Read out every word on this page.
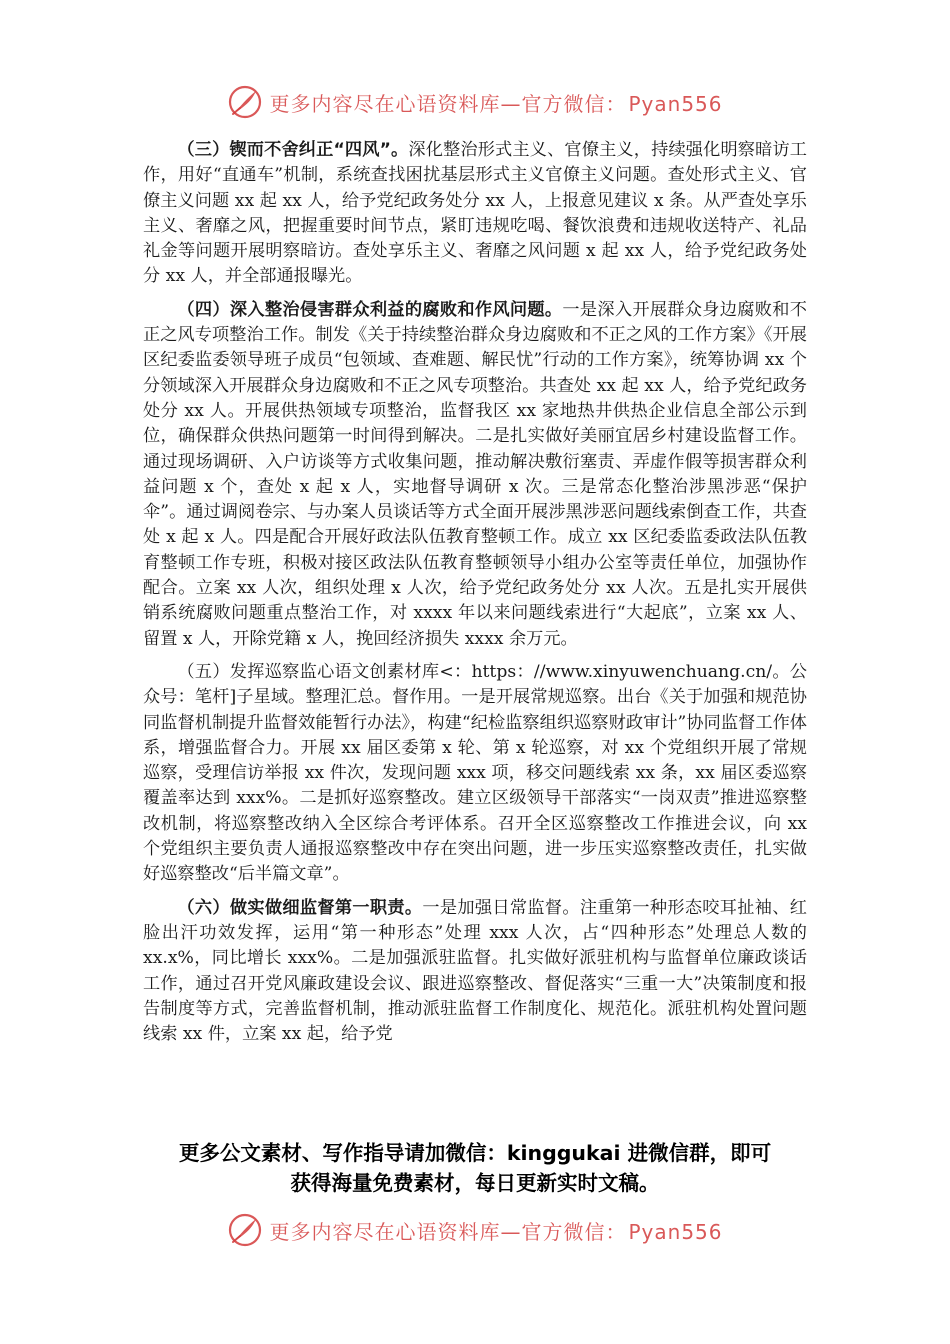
更多内容尽在心语资料库—官方微信： Pyan556

（三）锲而不舍纠正“四风”。深化整治形式主义、官僚主义，持续强化明察暗访工作，用好“直通车”机制，系统查找困扰基层形式主义官僚主义问题。查处形式主义、官僚主义问题 xx 起 xx 人，给予党纪政务处分 xx 人，上报意见建议 x 条。从严查处享乐主义、奢靡之风，把握重要时间节点，紧盯违规吃喝、餐饮浪费和违规收送特产、礼品礼金等问题开展明察暗访。查处享乐主义、奢靡之风问题 x 起 xx 人，给予党纪政务处分 xx 人，并全部通报曝光。

（四）深入整治侵害群众利益的腐败和作风问题。一是深入开展群众身边腐败和不正之风专项整治工作。制发《关于持续整治群众身边腐败和不正之风的工作方案》《开展区纪委监委领导班子成员“包领域、查难题、解民忧”行动的工作方案》，统筹协调 xx 个分领域深入开展群众身边腐败和不正之风专项整治。共查处 xx 起 xx 人，给予党纪政务处分 xx 人。开展供热领域专项整治，监督我区 xx 家地热井供热企业信息全部公示到位，确保群众供热问题第一时间得到解决。二是扎实做好美丽宜居乡村建设监督工作。通过现场调研、入户访谈等方式收集问题，推动解决敷衍塞责、弄虚作假等损害群众利益问题 x 个，查处 x 起 x 人，实地督导调研 x 次。三是常态化整治涉黑涉恶“保护伞”。通过调阅卷宗、与办案人员谈话等方式全面开展涉黑涉恶问题线索倒查工作，共查处 x 起 x 人。四是配合开展好政法队伍教育整顿工作。成立 xx 区纪委监委政法队伍教育整顿工作专班，积极对接区政法队伍教育整顿领导小组办公室等责任单位，加强协作配合。立案 xx 人次，组织处理 x 人次，给予党纪政务处分 xx 人次。五是扎实开展供销系统腐败问题重点整治工作，对 xxxx 年以来问题线索进行“大起底”，立案 xx 人、留置 x 人，开除党籍 x 人，挽回经济损失 xxxx 余万元。

（五）发挥巡察监心语文创素材库<：https：//www.xinyuwenchuang.cn/。公众号：笔杆]子星域。整理汇总。督作用。一是开展常规巡察。出台《关于加强和规范协同监督机制提升监督效能暂行办法》，构建“纪检监察组织巡察财政审计”协同监督工作体系，增强监督合力。开展 xx 届区委第 x 轮、第 x 轮巡察，对 xx 个党组织开展了常规巡察，受理信访举报 xx 件次，发现问题 xxx 项，移交问题线索 xx 条，xx 届区委巡察覆盖率达到 xxx%。二是抓好巡察整改。建立区级领导干部落实“一岗双责”推进巡察整改机制，将巡察整改纳入全区综合考评体系。召开全区巡察整改工作推进会议，向 xx 个党组织主要负责人通报巡察整改中存在突出问题，进一步压实巡察整改责任，扎实做好巡察整改“后半篇文章”。

（六）做实做细监督第一职责。一是加强日常监督。注重第一种形态咬耳扯袖、红脸出汗功效发挥，运用“第一种形态”处理 xxx 人次，占“四种形态”处理总人数的 xx.x%，同比增长 xxx%。二是加强派驻监督。扎实做好派驻机构与监督单位廉政谈话工作，通过召开党风廉政建设会议、跟进巡察整改、督促落实“三重一大”决策制度和报告制度等方式，完善监督机制，推动派驻监督工作制度化、规范化。派驻机构处置问题线索 xx 件，立案 xx 起，给予党

更多公文素材、写作指导请加微信：kinggukai 进微信群，即可
获得海量免费素材，每日更新实时文稿。
更多内容尽在心语资料库—官方微信： Pyan556
